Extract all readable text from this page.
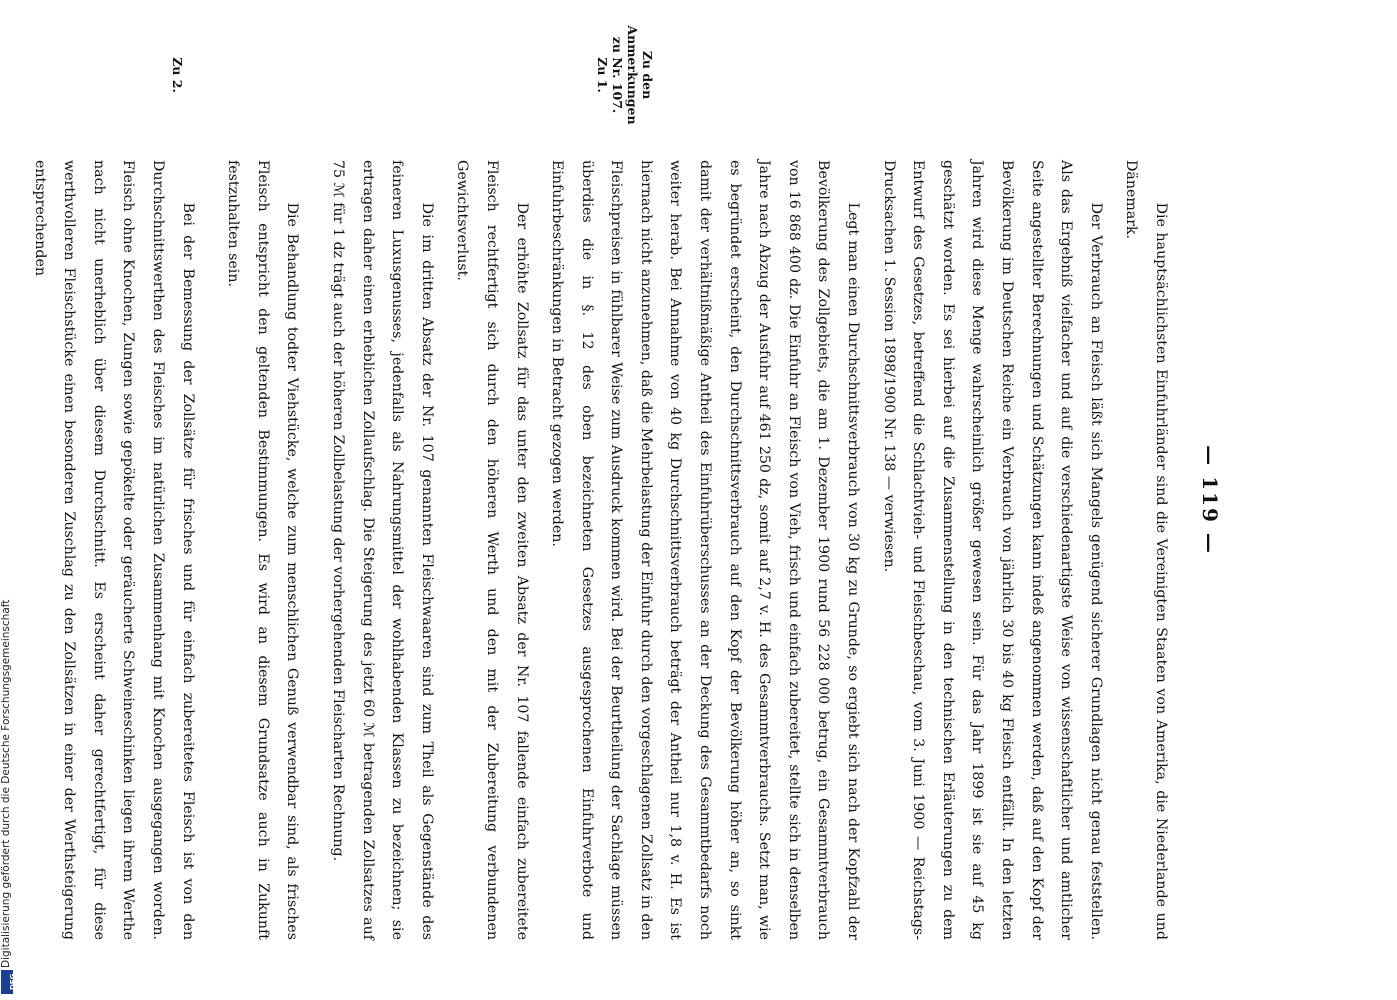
Digitalisierung gefördert durch die Deutsche Forschungsgemeinschaft
DFG
— 119 —

Die hauptsächlichsten Einfuhrländer sind die Vereinigten Staaten von Amerika, die Niederlande und Dänemark.

Der Verbrauch an Fleisch läßt sich Mangels genügend sicherer Grundlagen nicht genau feststellen. Als das Ergebniß vielfacher und auf die verschiedenartigste Weise von wissenschaftlicher und amtlicher Seite angestellter Berechnungen und Schätzungen kann indeß angenommen werden, daß auf den Kopf der Bevölkerung im Deutschen Reiche ein Verbrauch von jährlich 30 bis 40 kg Fleisch entfällt. In den letzten Jahren wird diese Menge wahrscheinlich größer gewesen sein. Für das Jahr 1899 ist sie auf 45 kg geschätzt worden. Es sei hierbei auf die Zusammenstellung in den technischen Erläuterungen zu dem Entwurf des Gesetzes, betreffend die Schlachtvieh- und Fleischbeschau, vom 3. Juni 1900 — Reichstags-Drucksachen 1. Session 1898/1900 Nr. 138 — verwiesen.

Legt man einen Durchschnittsverbrauch von 30 kg zu Grunde, so ergiebt sich nach der Kopfzahl der Bevölkerung des Zollgebiets, die am 1. Dezember 1900 rund 56 228 000 betrug, ein Gesammtverbrauch von 16 868 400 dz. Die Einfuhr an Fleisch von Vieh, frisch und einfach zubereitet, stellte sich in denselben Jahre nach Abzug der Ausfuhr auf 461 250 dz, somit auf 2,7 v. H. des Gesammtverbrauchs. Setzt man, wie es begründet erscheint, den Durchschnittsverbrauch auf den Kopf der Bevölkerung höher an, so sinkt damit der verhältnißmäßige Antheil des Einfuhrüberschusses an der Deckung des Gesammtbedarfs noch weiter herab. Bei Annahme von 40 kg Durchschnittsverbrauch beträgt der Antheil nur 1,8 v. H. Es ist hiernach nicht anzunehmen, daß die Mehrbelastung der Einfuhr durch den vorgeschlagenen Zollsatz in den Fleischpreisen in fühlbarer Weise zum Ausdruck kommen wird. Bei der Beurtheilung der Sachlage müssen überdies die in §. 12 des oben bezeichneten Gesetzes ausgesprochenen Einfuhrverbote und Einfuhrbeschränkungen in Betracht gezogen werden.

Der erhöhte Zollsatz für das unter den zweiten Absatz der Nr. 107 fallende einfach zubereitete Fleisch rechtfertigt sich durch den höheren Werth und den mit der Zubereitung verbundenen Gewichtsverlust.

Die im dritten Absatz der Nr. 107 genannten Fleischwaaren sind zum Theil als Gegenstände des feineren Luxusgenusses, jedenfalls als Nahrungsmittel der wohlhabenden Klassen zu bezeichnen; sie ertragen daher einen erheblichen Zollaufschlag. Die Steigerung des jetzt 60 ℳ betragenden Zollsatzes auf 75 ℳ für 1 dz trägt auch der höheren Zollbelastung der vorhergehenden Fleischarten Rechnung.

Die Behandlung todter Viehstücke, welche zum menschlichen Genuß verwendbar sind, als frisches Fleisch entspricht den geltenden Bestimmungen. Es wird an diesem Grundsatze auch in Zukunft festzuhalten sein.

Bei der Bemessung der Zollsätze für frisches und für einfach zubereitetes Fleisch ist von den Durchschnittswerthen des Fleisches im natürlichen Zusammenhang mit Knochen ausgegangen worden. Fleisch ohne Knochen, Zungen sowie gepökelte oder geräucherte Schweineschinken liegen ihrem Werthe nach nicht unerheblich über diesem Durchschnitt. Es erscheint daher gerechtfertigt, für diese werthvolleren Fleischstücke einen besonderen Zuschlag zu den Zollsätzen in einer der Werthsteigerung entsprechenden

Zu den Anmerkungen
zu Nr. 107.
Zu 1.
Zu 2.
